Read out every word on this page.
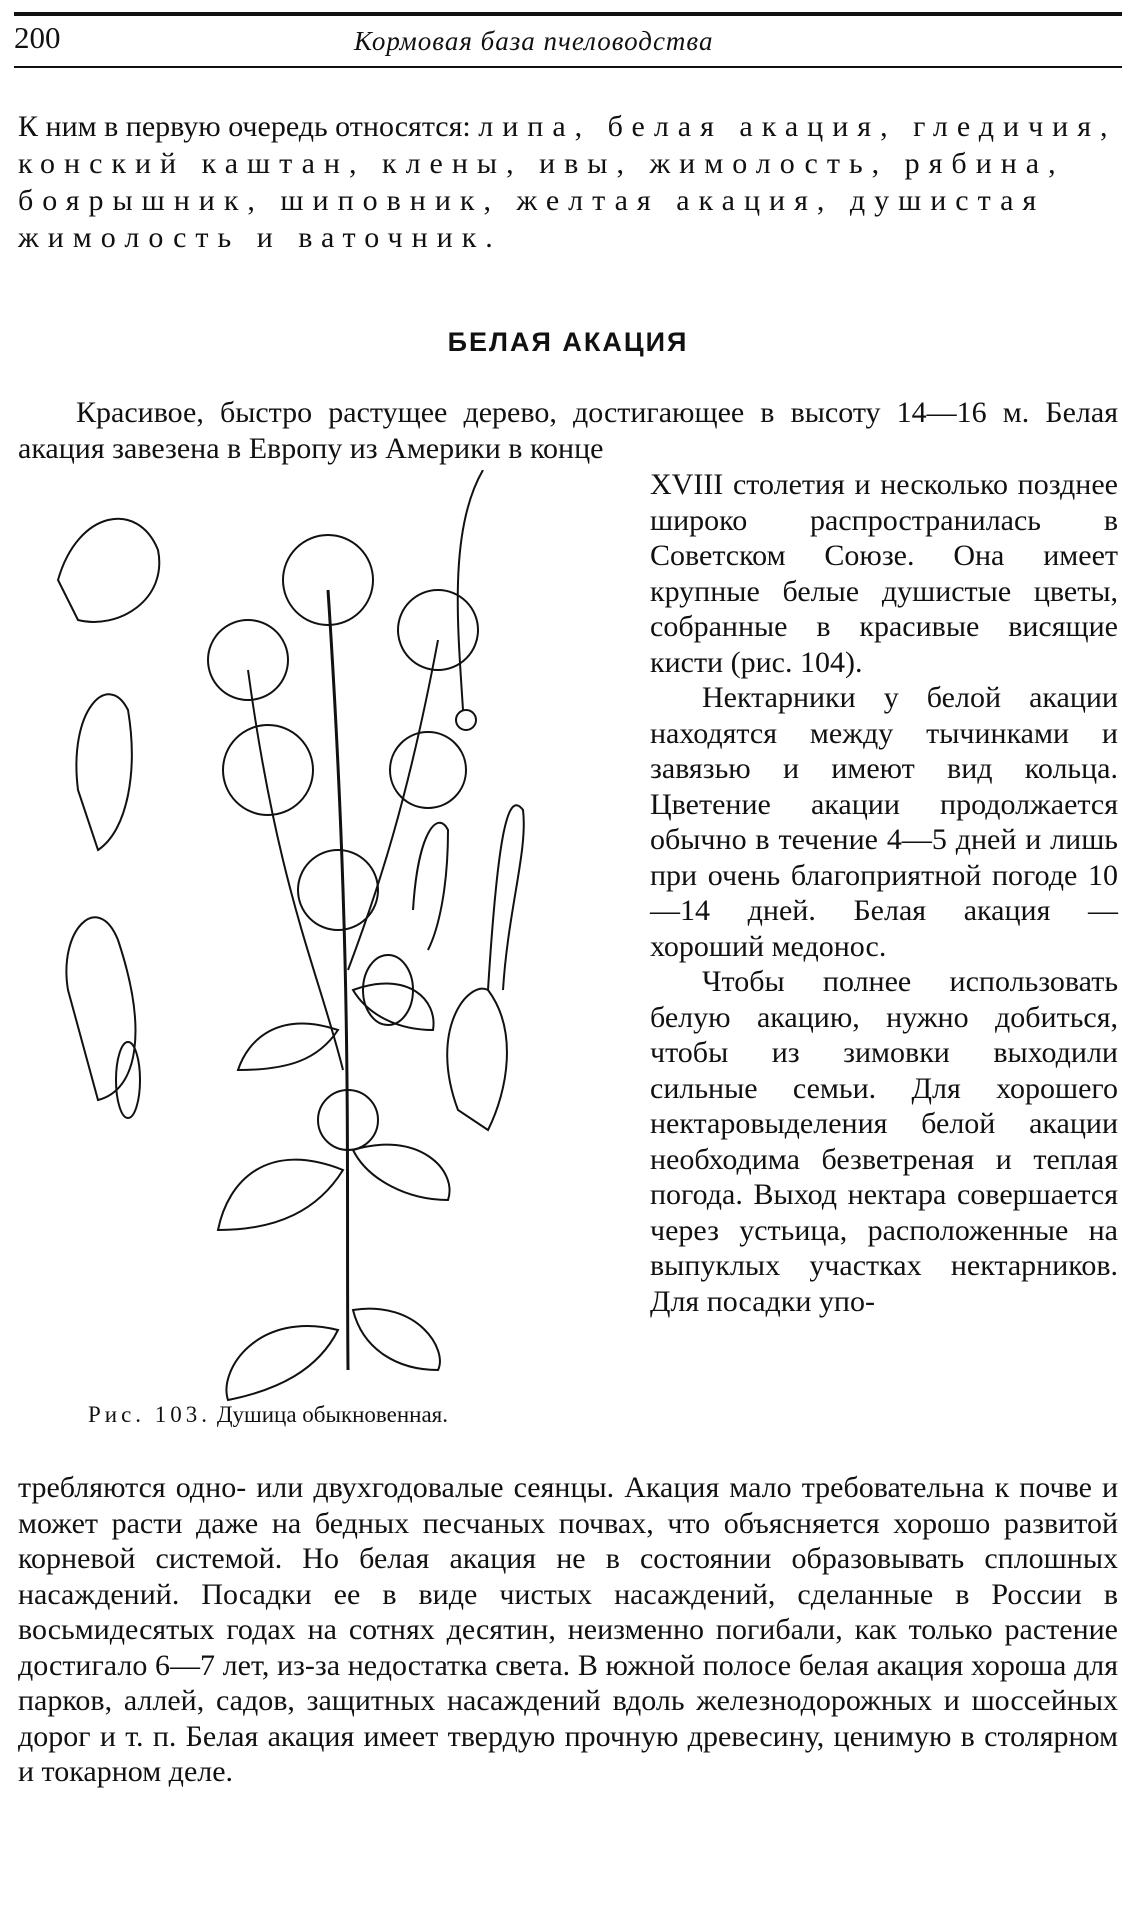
200	Кормовая база пчеловодства
К ним в первую очередь относятся: липа, белая акация, гледичия, конский каштан, клены, ивы, жимолость, рябина, боярышник, шиповник, желтая акация, душистая жимолость и ваточник.
БЕЛАЯ АКАЦИЯ

Красивое, быстро растущее дерево, достигающее в высоту 14—16 м. Белая акация завезена в Европу из Америки в конце

XVIII столетия и несколько позднее широко распространилась в Советском Союзе. Она имеет крупные белые душистые цветы, собранные в красивые висящие кисти (рис. 104).

Нектарники у белой акации находятся между тычинками и завязью и имеют вид кольца. Цветение акации продолжается обычно в течение 4—5 дней и лишь при очень благоприятной погоде 10—14 дней. Белая акация — хороший медонос.

Чтобы полнее использовать белую акацию, нужно добиться, чтобы из зимовки выходили сильные семьи. Для хорошего нектаровыделения белой акации необходима безветреная и теплая погода. Выход нектара совершается через устьица, расположенные на выпуклых участках нектарников. Для посадки упо-

Рис. 103. Душица обыкновенная.
требляются одно- или двухгодовалые сеянцы. Акация мало требовательна к почве и может расти даже на бедных песчаных почвах, что объясняется хорошо развитой корневой системой. Но белая акация не в состоянии образовывать сплошных насаждений. Посадки ее в виде чистых насаждений, сделанные в России в восьмидесятых годах на сотнях десятин, неизменно погибали, как только растение достигало 6—7 лет, из-за недостатка света. В южной полосе белая акация хороша для парков, аллей, садов, защитных насаждений вдоль железнодорожных и шоссейных дорог и т. п. Белая акация имеет твердую прочную древесину, ценимую в столярном и токарном деле.
